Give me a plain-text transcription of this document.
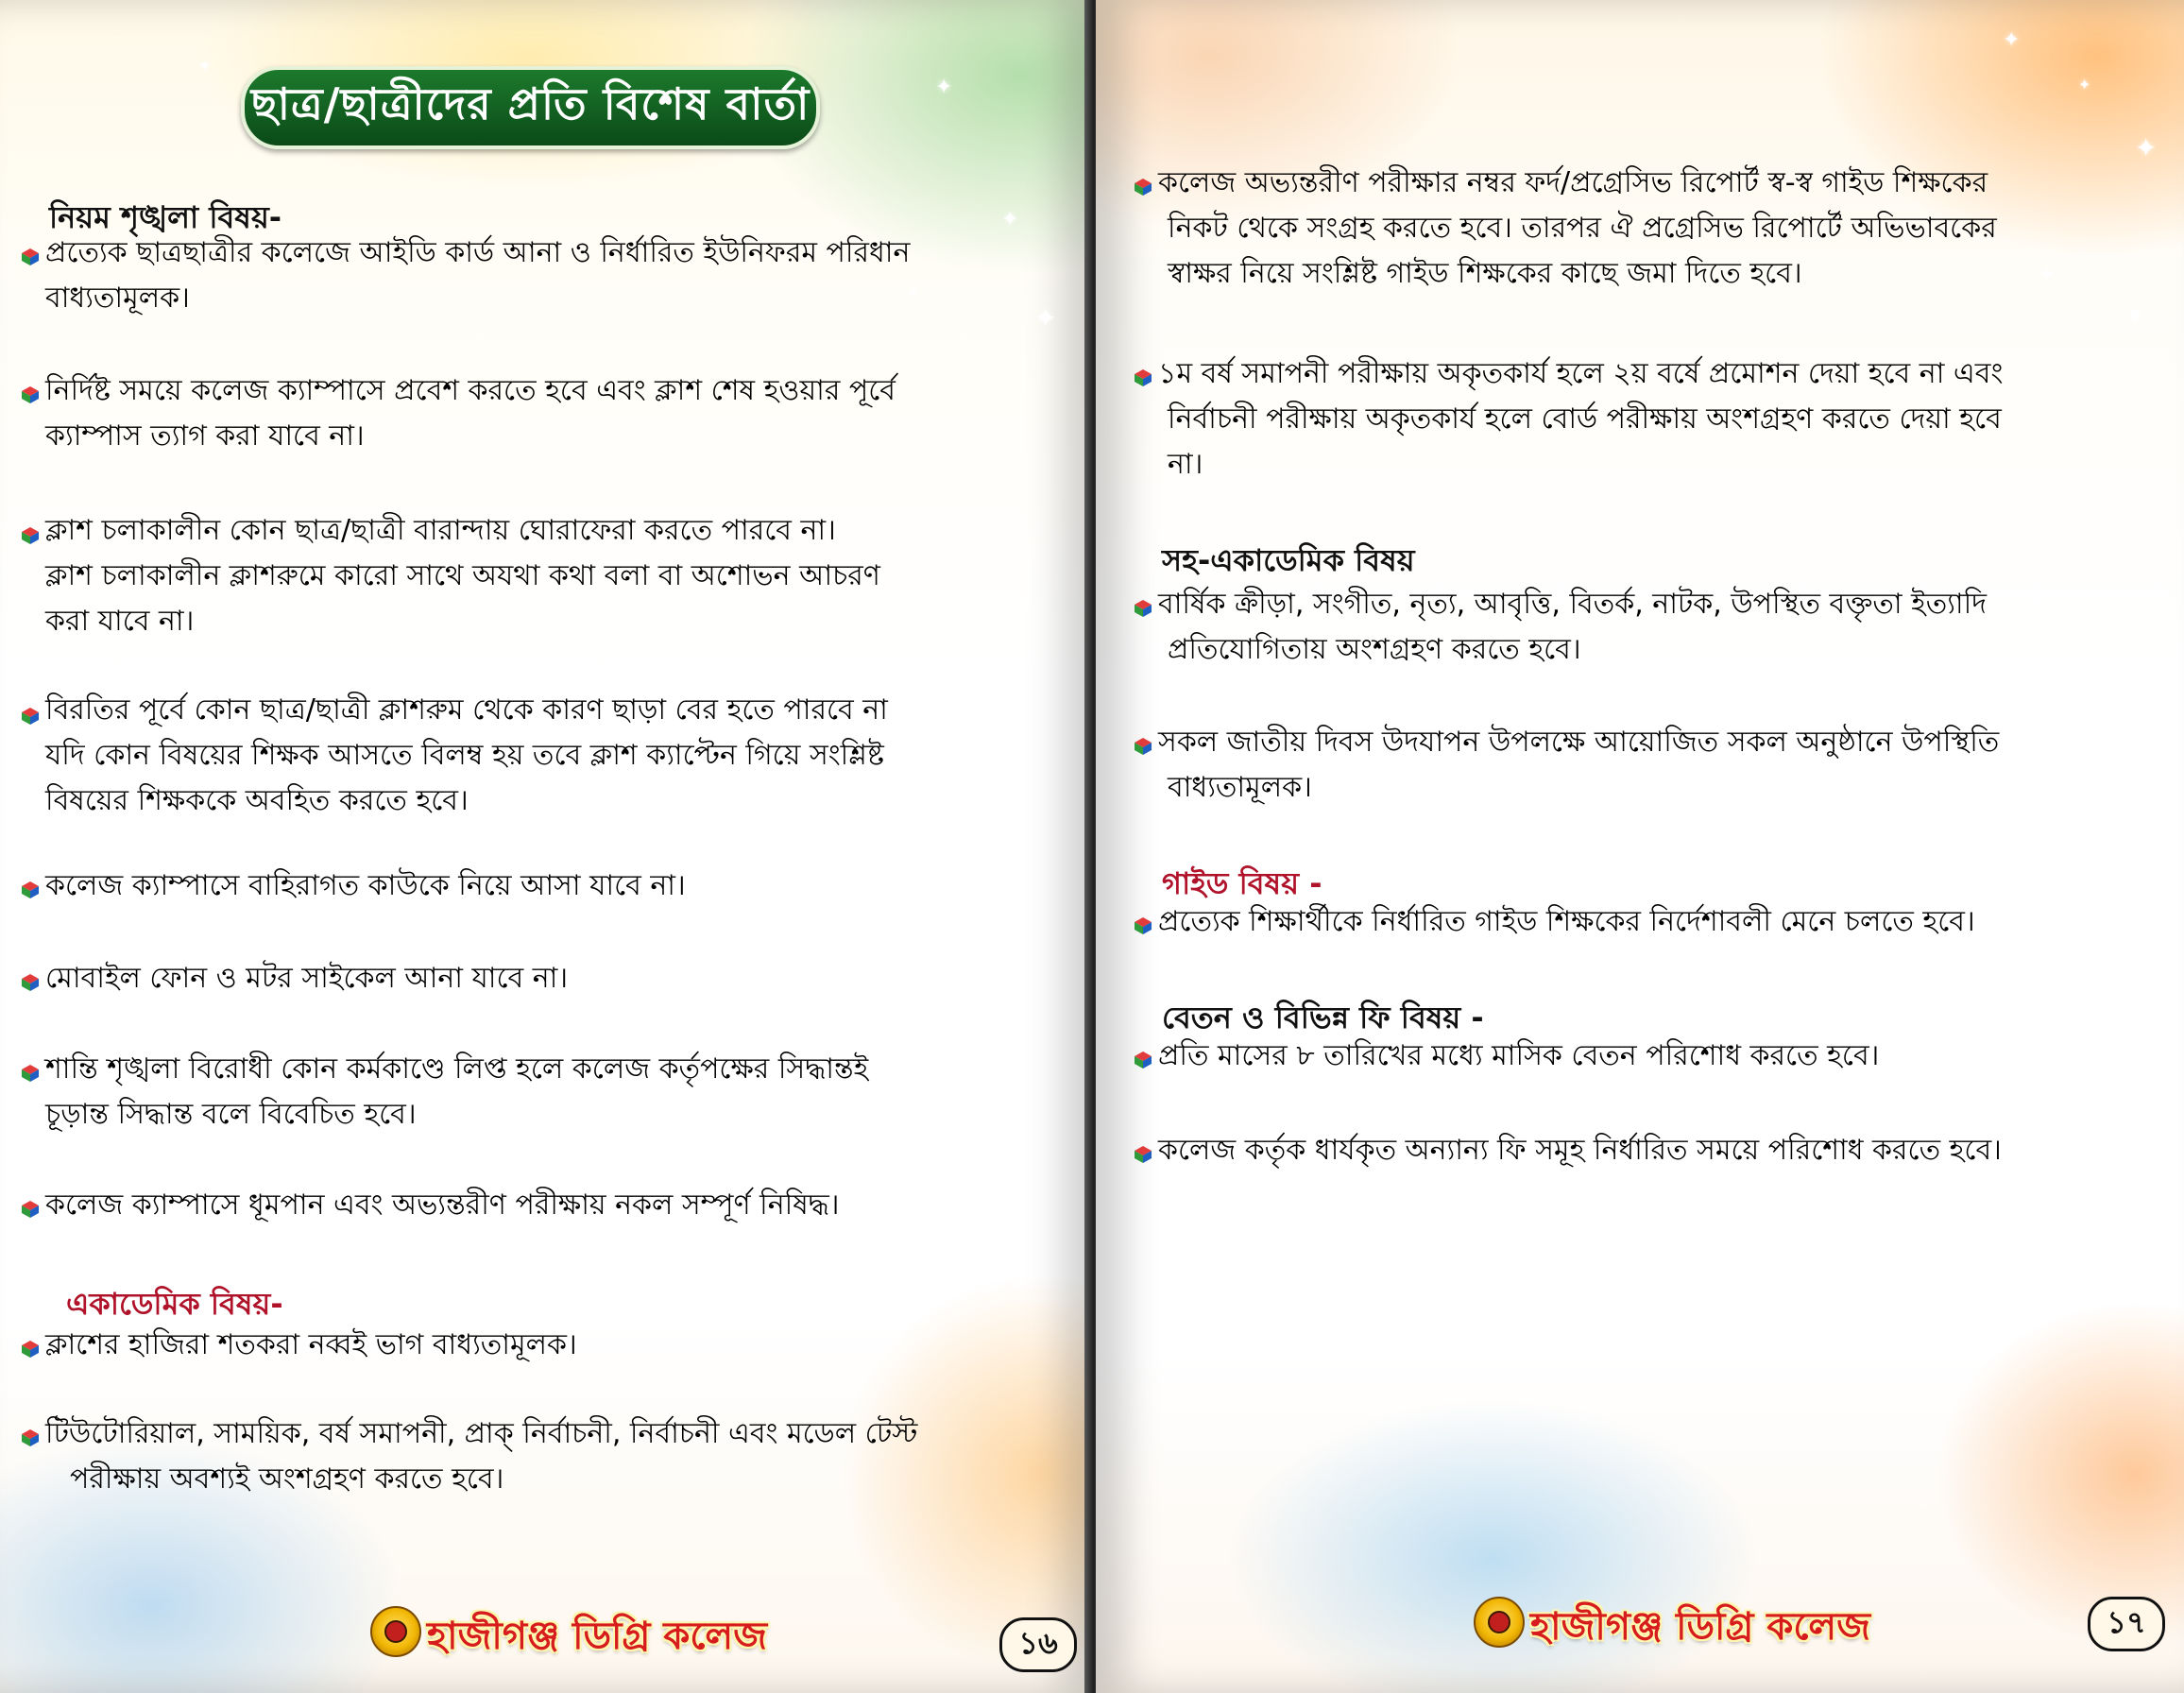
✦
✦
✦
✦
✦
ছাত্র/ছাত্রীদের প্রতি বিশেষ বার্তা
নিয়ম শৃঙ্খলা বিষয়-
প্রত্যেক ছাত্রছাত্রীর কলেজে আইডি কার্ড আনা ও নির্ধারিত ইউনিফরম পরিধান
বাধ্যতামূলক।
নির্দিষ্ট সময়ে কলেজ ক্যাম্পাসে প্রবেশ করতে হবে এবং ক্লাশ শেষ হওয়ার পূর্বে
ক্যাম্পাস ত্যাগ করা যাবে না।
ক্লাশ চলাকালীন কোন ছাত্র/ছাত্রী বারান্দায় ঘোরাফেরা করতে পারবে না।
ক্লাশ চলাকালীন ক্লাশরুমে কারো সাথে অযথা কথা বলা বা অশোভন আচরণ
করা যাবে না।
বিরতির পূর্বে কোন ছাত্র/ছাত্রী ক্লাশরুম থেকে কারণ ছাড়া বের হতে পারবে না
যদি কোন বিষয়ের শিক্ষক আসতে বিলম্ব হয় তবে ক্লাশ ক্যাপ্টেন গিয়ে সংশ্লিষ্ট
বিষয়ের শিক্ষককে অবহিত করতে হবে।
কলেজ ক্যাম্পাসে বাহিরাগত কাউকে নিয়ে আসা যাবে না।
মোবাইল ফোন ও মটর সাইকেল আনা যাবে না।
শান্তি শৃঙ্খলা বিরোধী কোন কর্মকাণ্ডে লিপ্ত হলে কলেজ কর্তৃপক্ষের সিদ্ধান্তই
চূড়ান্ত সিদ্ধান্ত বলে বিবেচিত হবে।
কলেজ ক্যাম্পাসে ধূমপান এবং অভ্যন্তরীণ পরীক্ষায় নকল সম্পূর্ণ নিষিদ্ধ।
একাডেমিক বিষয়-
ক্লাশের হাজিরা শতকরা নব্বই ভাগ বাধ্যতামূলক।
টিউটোরিয়াল, সাময়িক, বর্ষ সমাপনী, প্রাক্ নির্বাচনী, নির্বাচনী এবং মডেল টেস্ট
পরীক্ষায় অবশ্যই অংশগ্রহণ করতে হবে।
হাজীগঞ্জ ডিগ্রি কলেজ	১৬
✦
✦
✦
✦
✦
কলেজ অভ্যন্তরীণ পরীক্ষার নম্বর ফর্দ/প্রগ্রেসিভ রিপোর্ট স্ব-স্ব গাইড শিক্ষকের
নিকট থেকে সংগ্রহ করতে হবে। তারপর ঐ প্রগ্রেসিভ রিপোর্টে অভিভাবকের
স্বাক্ষর নিয়ে সংশ্লিষ্ট গাইড শিক্ষকের কাছে জমা দিতে হবে।
১ম বর্ষ সমাপনী পরীক্ষায় অকৃতকার্য হলে ২য় বর্ষে প্রমোশন দেয়া হবে না এবং
নির্বাচনী পরীক্ষায় অকৃতকার্য হলে বোর্ড পরীক্ষায় অংশগ্রহণ করতে দেয়া হবে
না।
সহ-একাডেমিক বিষয়
বার্ষিক ক্রীড়া, সংগীত, নৃত্য, আবৃত্তি, বিতর্ক, নাটক, উপস্থিত বক্তৃতা ইত্যাদি
প্রতিযোগিতায় অংশগ্রহণ করতে হবে।
সকল জাতীয় দিবস উদযাপন উপলক্ষে আয়োজিত সকল অনুষ্ঠানে উপস্থিতি
বাধ্যতামূলক।
গাইড বিষয় -
প্রত্যেক শিক্ষার্থীকে নির্ধারিত গাইড শিক্ষকের নির্দেশাবলী মেনে চলতে হবে।
বেতন ও বিভিন্ন ফি বিষয় -
প্রতি মাসের ৮ তারিখের মধ্যে মাসিক বেতন পরিশোধ করতে হবে।
কলেজ কর্তৃক ধার্যকৃত অন্যান্য ফি সমূহ নির্ধারিত সময়ে পরিশোধ করতে হবে।
হাজীগঞ্জ ডিগ্রি কলেজ	১৭
